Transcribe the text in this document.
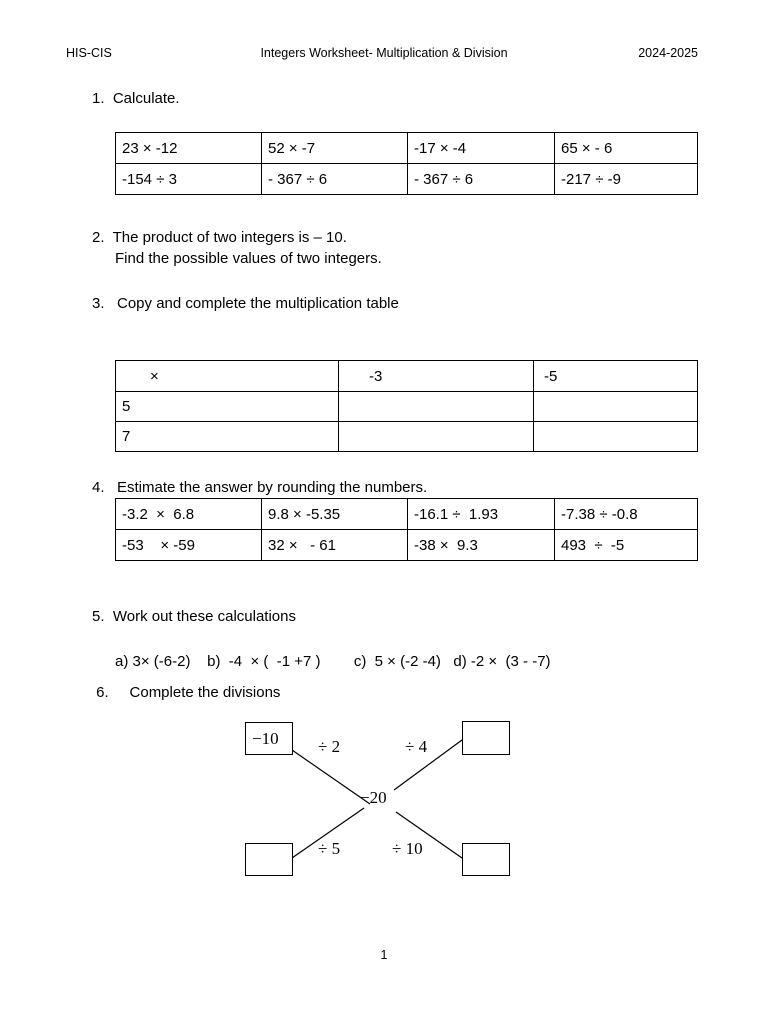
HIS-CIS	Integers Worksheet- Multiplication & Division	2024-2025
1.  Calculate.
23 × -12	52 × -7	-17 × -4	65 × - 6
-154 ÷ 3	- 367 ÷ 6	- 367 ÷ 6	-217 ÷ -9
2.  The product of two integers is – 10.
Find the possible values of two integers.
3.   Copy and complete the multiplication table
×	-3	-5
5		
7		
4.   Estimate the answer by rounding the numbers.
-3.2  ×  6.8	9.8 × -5.35	-16.1 ÷  1.93	-7.38 ÷ -0.8
-53    × -59	32 ×   - 61	-38 ×  9.3	493  ÷  -5
5.  Work out these calculations
a) 3× (-6-2)    b)  -4  × (  -1 +7 )        c)  5 × (-2 -4)   d) -2 ×  (3 - -7)
6.     Complete the divisions
−10	÷ 2	÷ 4
−20
÷ 5	÷ 10
1
